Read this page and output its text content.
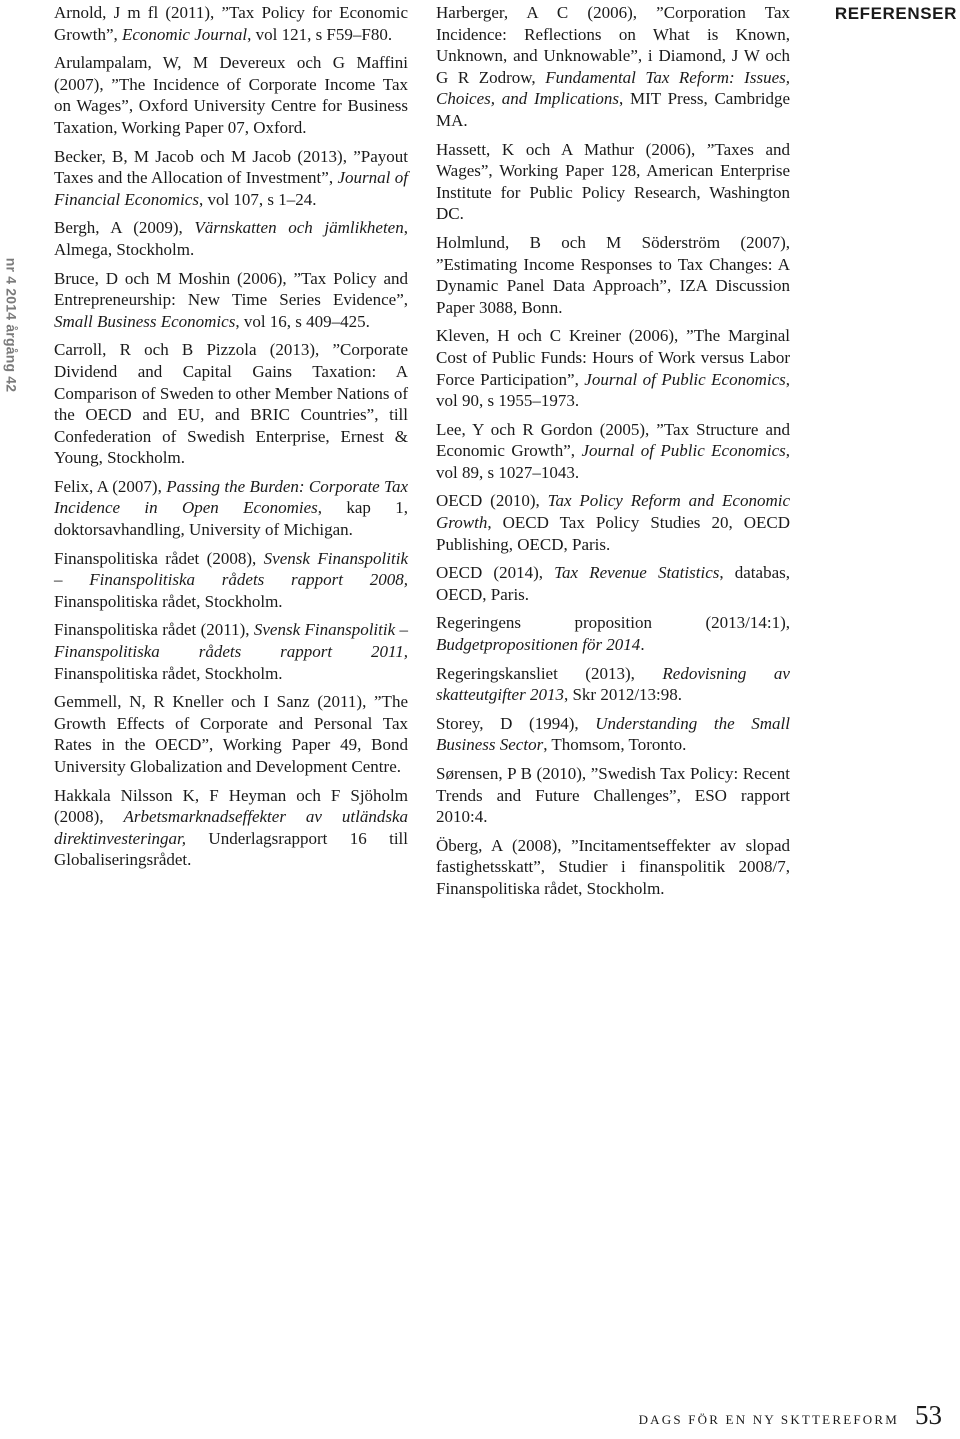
nr 4 2014 årgång 42

Arnold, J m fl (2011), ”Tax Policy for Economic Growth”, Economic Journal, vol 121, s F59–F80.

Arulampalam, W, M Devereux och G Maffini (2007), ”The Incidence of Corporate Income Tax on Wages”, Oxford University Centre for Business Taxation, Working Paper 07, Oxford.

Becker, B, M Jacob och M Jacob (2013), ”Payout Taxes and the Allocation of Investment”, Journal of Financial Economics, vol 107, s 1–24.

Bergh, A (2009), Värnskatten och jämlikheten, Almega, Stockholm.

Bruce, D och M Moshin (2006), ”Tax Policy and Entrepreneurship: New Time Series Evidence”, Small Business Economics, vol 16, s 409–425.

Carroll, R och B Pizzola (2013), ”Corporate Dividend and Capital Gains Taxation: A Comparison of Sweden to other Member Nations of the OECD and EU, and BRIC Countries”, till Confederation of Swedish Enterprise, Ernest & Young, Stockholm.

Felix, A (2007), Passing the Burden: Corporate Tax Incidence in Open Economies, kap 1, doktorsavhandling, University of Michigan.

Finanspolitiska rådet (2008), Svensk Finanspolitik – Finanspolitiska rådets rapport 2008, Finanspolitiska rådet, Stockholm.

Finanspolitiska rådet (2011), Svensk Finanspolitik – Finanspolitiska rådets rapport 2011, Finanspolitiska rådet, Stockholm.

Gemmell, N, R Kneller och I Sanz (2011), ”The Growth Effects of Corporate and Personal Tax Rates in the OECD”, Working Paper 49, Bond University Globalization and Development Centre.

Hakkala Nilsson K, F Heyman och F Sjöholm (2008), Arbetsmarknadseffekter av utländska direktinvesteringar, Underlagsrapport 16 till Globaliseringsrådet.

Harberger, A C (2006), ”Corporation Tax Incidence: Reflections on What is Known, Unknown, and Unknowable”, i Diamond, J W och G R Zodrow, Fundamental Tax Reform: Issues, Choices, and Implications, MIT Press, Cambridge MA.

Hassett, K och A Mathur (2006), ”Taxes and Wages”, Working Paper 128, American Enterprise Institute for Public Policy Research, Washington DC.

Holmlund, B och M Söderström (2007), ”Estimating Income Responses to Tax Changes: A Dynamic Panel Data Approach”, IZA Discussion Paper 3088, Bonn.

Kleven, H och C Kreiner (2006), ”The Marginal Cost of Public Funds: Hours of Work versus Labor Force Participation”, Journal of Public Economics, vol 90, s 1955–1973.

Lee, Y och R Gordon (2005), ”Tax Structure and Economic Growth”, Journal of Public Economics, vol 89, s 1027–1043.

OECD (2010), Tax Policy Reform and Economic Growth, OECD Tax Policy Studies 20, OECD Publishing, OECD, Paris.

OECD (2014), Tax Revenue Statistics, databas, OECD, Paris.

Regeringens proposition (2013/14:1), Budgetpropositionen för 2014.

Regeringskansliet (2013), Redovisning av skatteutgifter 2013, Skr 2012/13:98.

Storey, D (1994), Understanding the Small Business Sector, Thomsom, Toronto.

Sørensen, P B (2010), ”Swedish Tax Policy: Recent Trends and Future Challenges”, ESO rapport 2010:4.

Öberg, A (2008), ”Incitamentseffekter av slopad fastighetsskatt”, Studier i finanspolitik 2008/7, Finanspolitiska rådet, Stockholm.

REFERENSER
DAGS FÖR EN NY SKTTEREFORM 53
